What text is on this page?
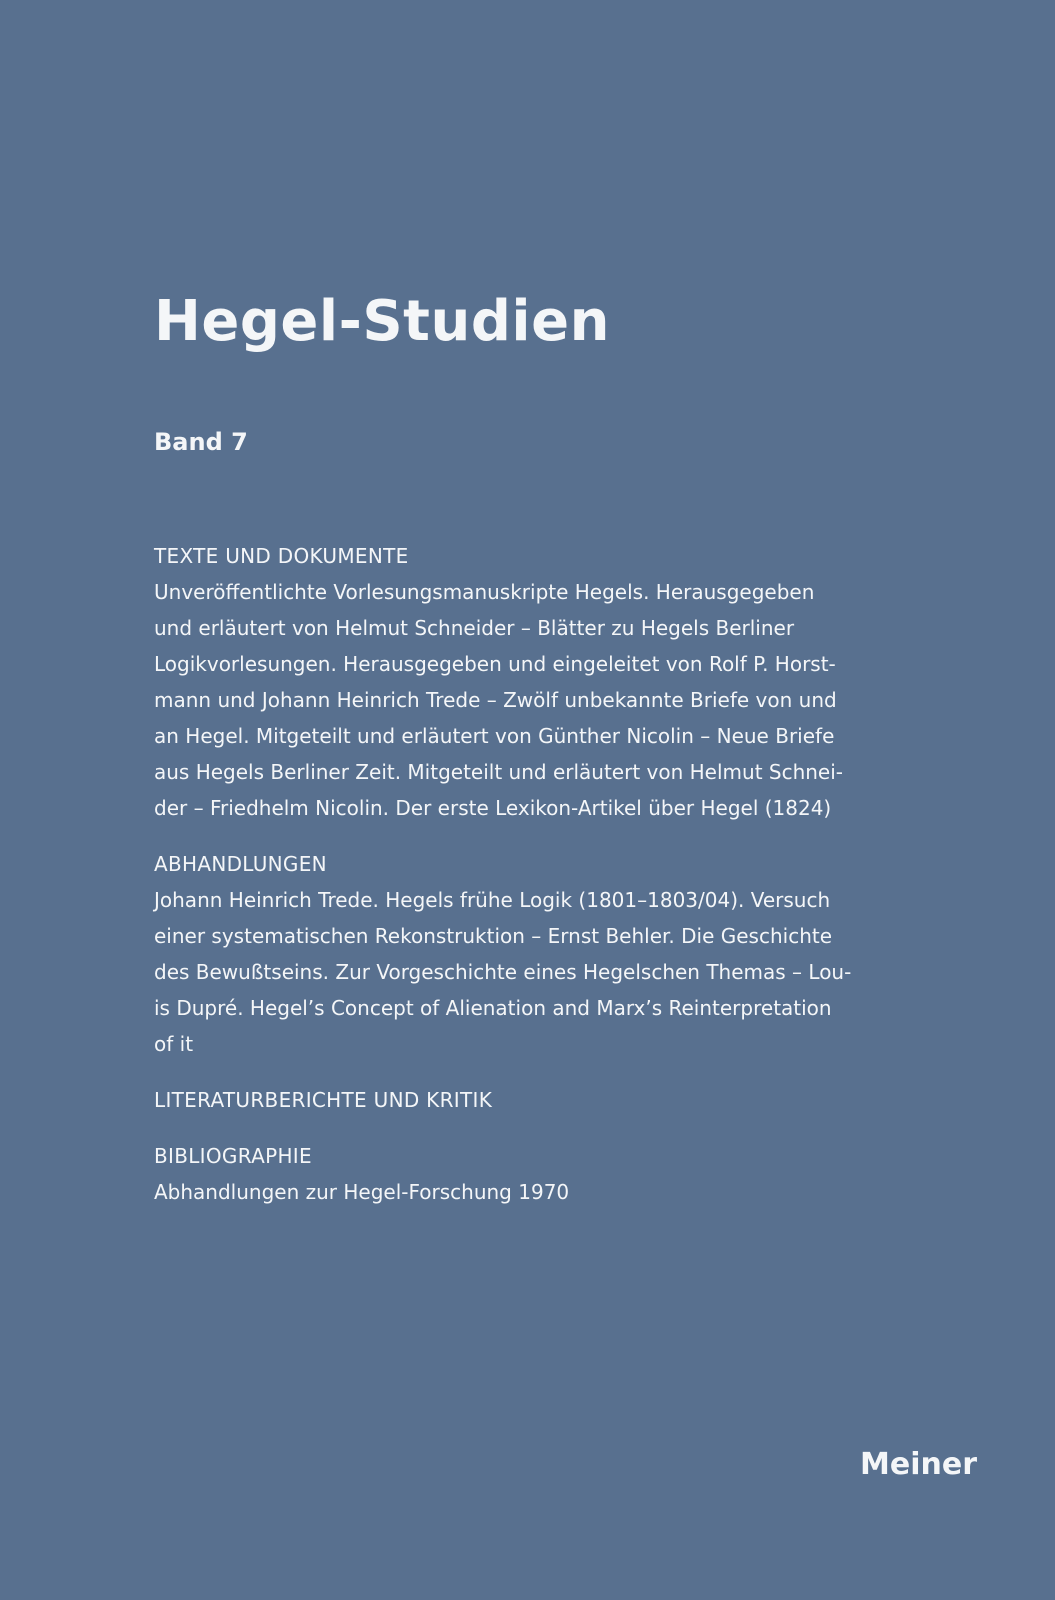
Hegel-Studien
Band 7
TEXTE UND DOKUMENTE
Unveröffentlichte Vorlesungsmanuskripte Hegels. Herausgegeben
und erläutert von Helmut Schneider – Blätter zu Hegels Berliner
Logikvorlesungen. Herausgegeben und eingeleitet von Rolf P. Horst-
mann und Johann Heinrich Trede – Zwölf unbekannte Briefe von und
an Hegel. Mitgeteilt und erläutert von Günther Nicolin – Neue Briefe
aus Hegels Berliner Zeit. Mitgeteilt und erläutert von Helmut Schnei-
der – Friedhelm Nicolin. Der erste Lexikon-Artikel über Hegel (1824)
ABHANDLUNGEN
Johann Heinrich Trede. Hegels frühe Logik (1801–1803/04). Versuch
einer systematischen Rekonstruktion – Ernst Behler. Die Geschichte
des Bewußtseins. Zur Vorgeschichte eines Hegelschen Themas – Lou-
is Dupré. Hegel’s Concept of Alienation and Marx’s Reinterpretation
of it
LITERATURBERICHTE UND KRITIK
BIBLIOGRAPHIE
Abhandlungen zur Hegel-Forschung 1970
Meiner
